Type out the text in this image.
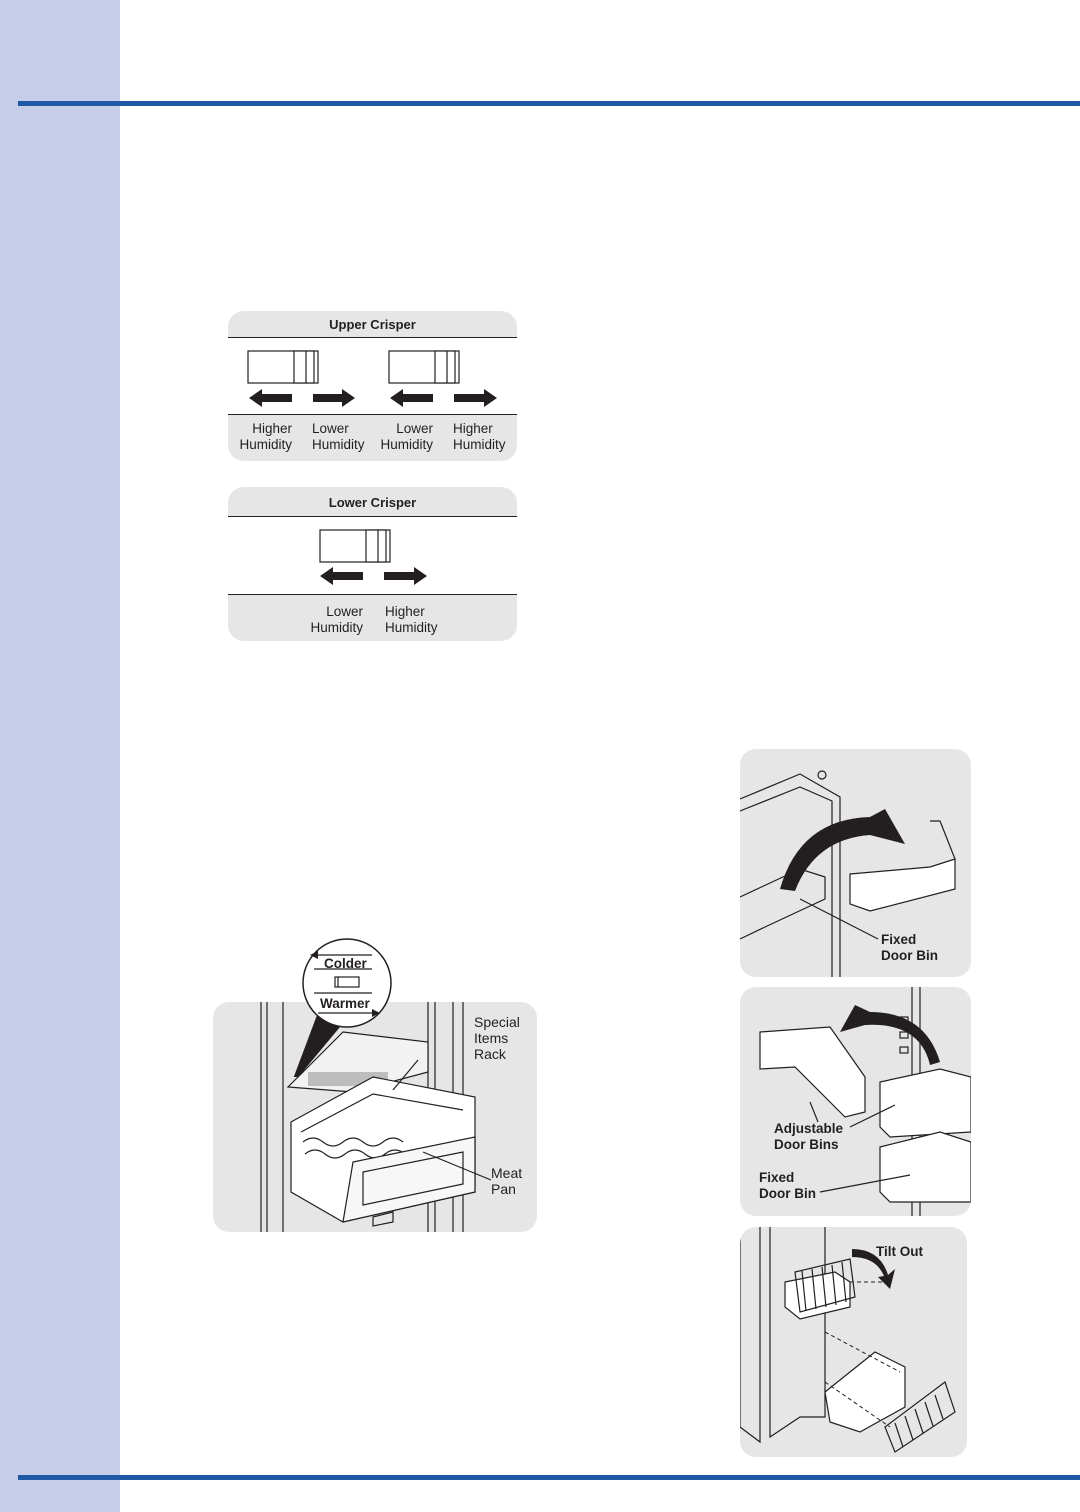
Upper Crisper
Higher
Humidity
Lower
Humidity
Lower
Humidity
Higher
Humidity
Lower Crisper
Lower
Humidity
Higher
Humidity
Special
Items
Rack
Meat
Pan
Colder
Warmer
Fixed
Door Bin
Adjustable
Door Bins
Fixed
Door Bin
Tilt Out
